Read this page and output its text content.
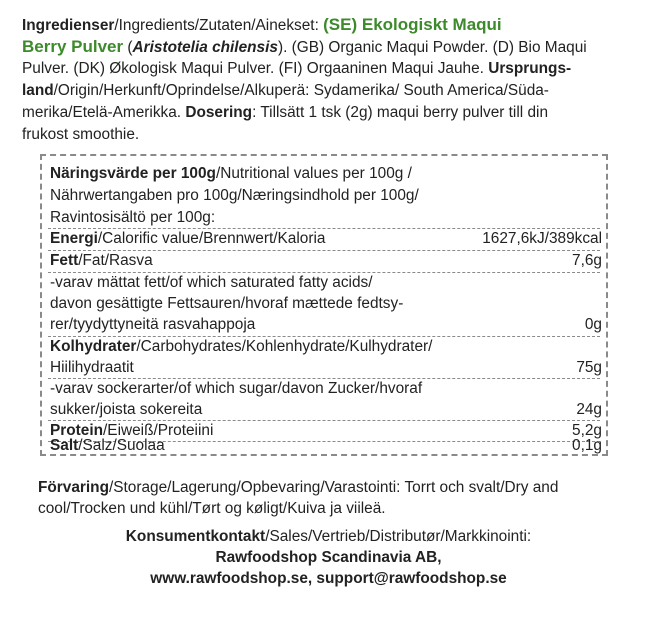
Ingredienser/Ingredients/Zutaten/Ainekset: (SE) Ekologiskt Maqui
Berry Pulver (Aristotelia chilensis). (GB) Organic Maqui Powder. (D) Bio Maqui
Pulver. (DK) Økologisk Maqui Pulver. (FI) Orgaaninen Maqui Jauhe. Ursprungs-
land/Origin/Herkunft/Oprindelse/Alkuperä: Sydamerika/ South America/Süda-
merika/Etelä-Amerikka. Dosering: Tillsätt 1 tsk (2g) maqui berry pulver till din
frukost smoothie.
Näringsvärde per 100g/Nutritional values per 100g /
Nährwertangaben pro 100g/Næringsindhold per 100g/
Ravintosisältö per 100g:
Energi/Calorific value/Brennwert/Kaloria	1627,6kJ/389kcal
Fett/Fat/Rasva	7,6g
-varav mättat fett/of which saturated fatty acids/
davon gesättigte Fettsauren/hvoraf mættede fedtsy-
rer/tyydyttyneitä rasvahappoja	0g
Kolhydrater/Carbohydrates/Kohlenhydrate/Kulhydrater/
Hiilihydraatit	75g
-varav sockerarter/of which sugar/davon Zucker/hvoraf
sukker/joista sokereita	24g
Protein/Eiweiß/Proteiini	5,2g
Salt/Salz/Suolaa	0,1g
Förvaring/Storage/Lagerung/Opbevaring/Varastointi: Torrt och svalt/Dry and
cool/Trocken und kühl/Tørt og køligt/Kuiva ja viileä.
Konsumentkontakt/Sales/Vertrieb/Distributør/Markkinointi:
Rawfoodshop Scandinavia AB,
www.rawfoodshop.se, support@rawfoodshop.se
